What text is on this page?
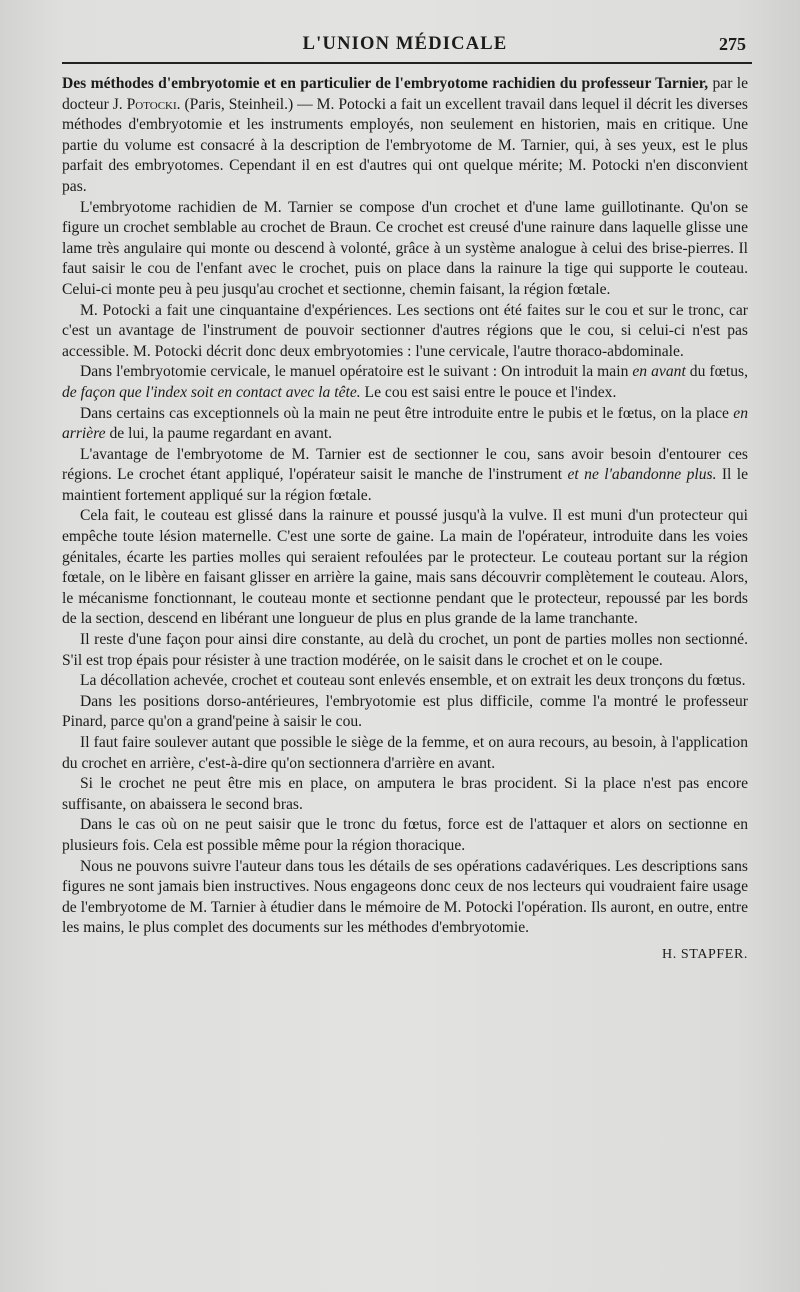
L'UNION MÉDICALE	275

Des méthodes d'embryotomie et en particulier de l'embryotome rachidien du professeur Tarnier, par le docteur J. Potocki. (Paris, Steinheil.) — M. Potocki a fait un excellent travail dans lequel il décrit les diverses méthodes d'embryotomie et les instruments employés, non seulement en historien, mais en critique. Une partie du volume est consacré à la description de l'embryotome de M. Tarnier, qui, à ses yeux, est le plus parfait des embryotomes. Cependant il en est d'autres qui ont quelque mérite; M. Potocki n'en disconvient pas.

L'embryotome rachidien de M. Tarnier se compose d'un crochet et d'une lame guillotinante. Qu'on se figure un crochet semblable au crochet de Braun. Ce crochet est creusé d'une rainure dans laquelle glisse une lame très angulaire qui monte ou descend à volonté, grâce à un système analogue à celui des brise-pierres. Il faut saisir le cou de l'enfant avec le crochet, puis on place dans la rainure la tige qui supporte le couteau. Celui-ci monte peu à peu jusqu'au crochet et sectionne, chemin faisant, la région fœtale.

M. Potocki a fait une cinquantaine d'expériences. Les sections ont été faites sur le cou et sur le tronc, car c'est un avantage de l'instrument de pouvoir sectionner d'autres régions que le cou, si celui-ci n'est pas accessible. M. Potocki décrit donc deux embryotomies : l'une cervicale, l'autre thoraco-abdominale.

Dans l'embryotomie cervicale, le manuel opératoire est le suivant : On introduit la main en avant du fœtus, de façon que l'index soit en contact avec la tête. Le cou est saisi entre le pouce et l'index.

Dans certains cas exceptionnels où la main ne peut être introduite entre le pubis et le fœtus, on la place en arrière de lui, la paume regardant en avant.

L'avantage de l'embryotome de M. Tarnier est de sectionner le cou, sans avoir besoin d'entourer ces régions. Le crochet étant appliqué, l'opérateur saisit le manche de l'instrument et ne l'abandonne plus. Il le maintient fortement appliqué sur la région fœtale.

Cela fait, le couteau est glissé dans la rainure et poussé jusqu'à la vulve. Il est muni d'un protecteur qui empêche toute lésion maternelle. C'est une sorte de gaine. La main de l'opérateur, introduite dans les voies génitales, écarte les parties molles qui seraient refoulées par le protecteur. Le couteau portant sur la région fœtale, on le libère en faisant glisser en arrière la gaine, mais sans découvrir complètement le couteau. Alors, le mécanisme fonctionnant, le couteau monte et sectionne pendant que le protecteur, repoussé par les bords de la section, descend en libérant une longueur de plus en plus grande de la lame tranchante.

Il reste d'une façon pour ainsi dire constante, au delà du crochet, un pont de parties molles non sectionné. S'il est trop épais pour résister à une traction modérée, on le saisit dans le crochet et on le coupe.

La décollation achevée, crochet et couteau sont enlevés ensemble, et on extrait les deux tronçons du fœtus.

Dans les positions dorso-antérieures, l'embryotomie est plus difficile, comme l'a montré le professeur Pinard, parce qu'on a grand'peine à saisir le cou.

Il faut faire soulever autant que possible le siège de la femme, et on aura recours, au besoin, à l'application du crochet en arrière, c'est-à-dire qu'on sectionnera d'arrière en avant.

Si le crochet ne peut être mis en place, on amputera le bras procident. Si la place n'est pas encore suffisante, on abaissera le second bras.

Dans le cas où on ne peut saisir que le tronc du fœtus, force est de l'attaquer et alors on sectionne en plusieurs fois. Cela est possible même pour la région thoracique.

Nous ne pouvons suivre l'auteur dans tous les détails de ses opérations cadavériques. Les descriptions sans figures ne sont jamais bien instructives. Nous engageons donc ceux de nos lecteurs qui voudraient faire usage de l'embryotome de M. Tarnier à étudier dans le mémoire de M. Potocki l'opération. Ils auront, en outre, entre les mains, le plus complet des documents sur les méthodes d'embryotomie.

H. STAPFER.
